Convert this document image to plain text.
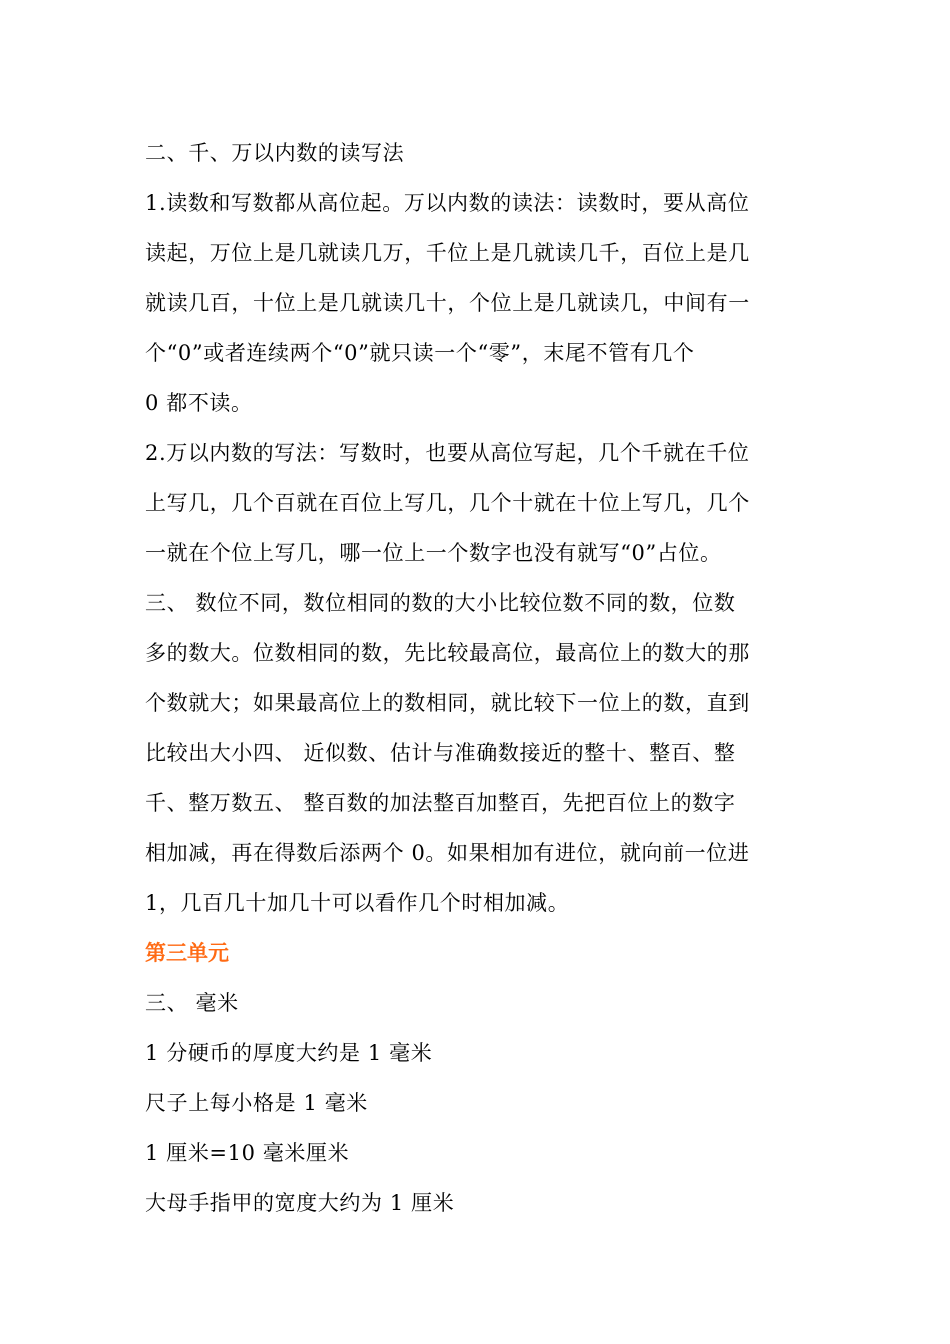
二、千、万以内数的读写法
1.读数和写数都从高位起。万以内数的读法：读数时，要从高位
读起，万位上是几就读几万，千位上是几就读几千，百位上是几
就读几百，十位上是几就读几十，个位上是几就读几，中间有一
个“0”或者连续两个“0”就只读一个“零”，末尾不管有几个
0 都不读。
2.万以内数的写法：写数时，也要从高位写起，几个千就在千位
上写几，几个百就在百位上写几，几个十就在十位上写几，几个
一就在个位上写几，哪一位上一个数字也没有就写“0”占位。
三、 数位不同，数位相同的数的大小比较位数不同的数，位数
多的数大。位数相同的数，先比较最高位，最高位上的数大的那
个数就大；如果最高位上的数相同，就比较下一位上的数，直到
比较出大小四、 近似数、估计与准确数接近的整十、整百、整
千、整万数五、 整百数的加法整百加整百，先把百位上的数字
相加减，再在得数后添两个 0。如果相加有进位，就向前一位进
1，几百几十加几十可以看作几个时相加减。
第三单元
三、 毫米
1 分硬币的厚度大约是 1 毫米
尺子上每小格是 1 毫米
1 厘米=10 毫米厘米
大母手指甲的宽度大约为 1 厘米
